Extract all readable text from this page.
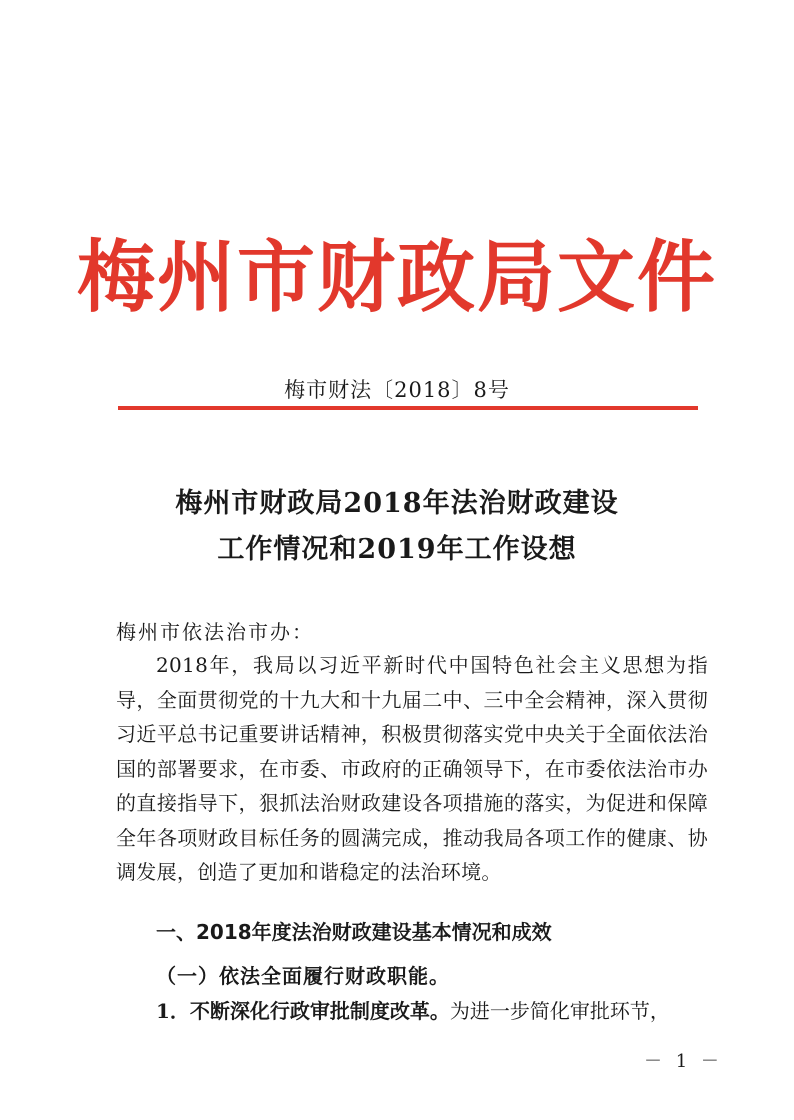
梅州市财政局文件
梅市财法〔2018〕8号
梅州市财政局2018年法治财政建设
工作情况和2019年工作设想
梅州市依法治市办：
2018年，我局以习近平新时代中国特色社会主义思想为指导，全面贯彻党的十九大和十九届二中、三中全会精神，深入贯彻习近平总书记重要讲话精神，积极贯彻落实党中央关于全面依法治国的部署要求，在市委、市政府的正确领导下，在市委依法治市办的直接指导下，狠抓法治财政建设各项措施的落实，为促进和保障全年各项财政目标任务的圆满完成，推动我局各项工作的健康、协调发展，创造了更加和谐稳定的法治环境。
一、2018年度法治财政建设基本情况和成效
（一）依法全面履行财政职能。
1．不断深化行政审批制度改革。为进一步简化审批环节，
－ 1 －
